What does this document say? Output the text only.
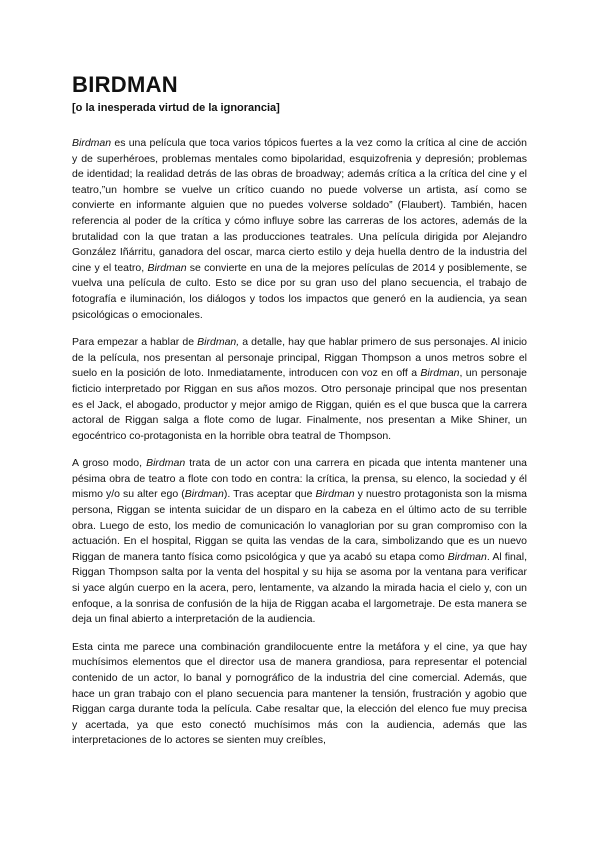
BIRDMAN

[o la inesperada virtud de la ignorancia]

Birdman es una película que toca varios tópicos fuertes a la vez como la crítica al cine de acción y de superhéroes, problemas mentales como bipolaridad, esquizofrenia y depresión; problemas de identidad; la realidad detrás de las obras de broadway; además crítica a la crítica del cine y el teatro,”un hombre se vuelve un crítico cuando no puede volverse un artista, así como se convierte en informante alguien que no puedes volverse soldado” (Flaubert). También, hacen referencia al poder de la crítica y cómo influye sobre las carreras de los actores, además de la brutalidad con la que tratan a las producciones teatrales. Una película dirigida por Alejandro González Iñárritu, ganadora del oscar, marca cierto estilo y deja huella dentro de la industria del cine y el teatro, Birdman se convierte en una de la mejores películas de 2014 y posiblemente, se vuelva una película de culto. Esto se dice por su gran uso del plano secuencia, el trabajo de fotografía e iluminación, los diálogos y todos los impactos que generó en la audiencia, ya sean psicológicas o emocionales.

Para empezar a hablar de Birdman, a detalle, hay que hablar primero de sus personajes. Al inicio de la película, nos presentan al personaje principal, Riggan Thompson a unos metros sobre el suelo en la posición de loto. Inmediatamente, introducen con voz en off a Birdman, un personaje ficticio interpretado por Riggan en sus años mozos. Otro personaje principal que nos presentan es el Jack, el abogado, productor y mejor amigo de Riggan, quién es el que busca que la carrera actoral de Riggan salga a flote como de lugar. Finalmente, nos presentan a Mike Shiner, un egocéntrico co-protagonista en la horrible obra teatral de Thompson.

A groso modo, Birdman trata de un actor con una carrera en picada que intenta mantener una pésima obra de teatro a flote con todo en contra: la crítica, la prensa, su elenco, la sociedad y él mismo y/o su alter ego (Birdman). Tras aceptar que Birdman y nuestro protagonista son la misma persona, Riggan se intenta suicidar de un disparo en la cabeza en el último acto de su terrible obra. Luego de esto, los medio de comunicación lo vanaglorian por su gran compromiso con la actuación. En el hospital, Riggan se quita las vendas de la cara, simbolizando que es un nuevo Riggan de manera tanto física como psicológica y que ya acabó su etapa como Birdman. Al final, Riggan Thompson salta por la venta del hospital y su hija se asoma por la ventana para verificar si yace algún cuerpo en la acera, pero, lentamente, va alzando la mirada hacia el cielo y, con un enfoque, a la sonrisa de confusión de la hija de Riggan acaba el largometraje. De esta manera se deja un final abierto a interpretación de la audiencia.

Esta cinta me parece una combinación grandilocuente entre la metáfora y el cine, ya que hay muchísimos elementos que el director usa de manera grandiosa, para representar el potencial contenido de un actor, lo banal y pornográfico de la industria del cine comercial. Además, que hace un gran trabajo con el plano secuencia para mantener la tensión, frustración y agobio que Riggan carga durante toda la película. Cabe resaltar que, la elección del elenco fue muy precisa y acertada, ya que esto conectó muchísimos más con la audiencia, además que las interpretaciones de lo actores se sienten muy creíbles,
